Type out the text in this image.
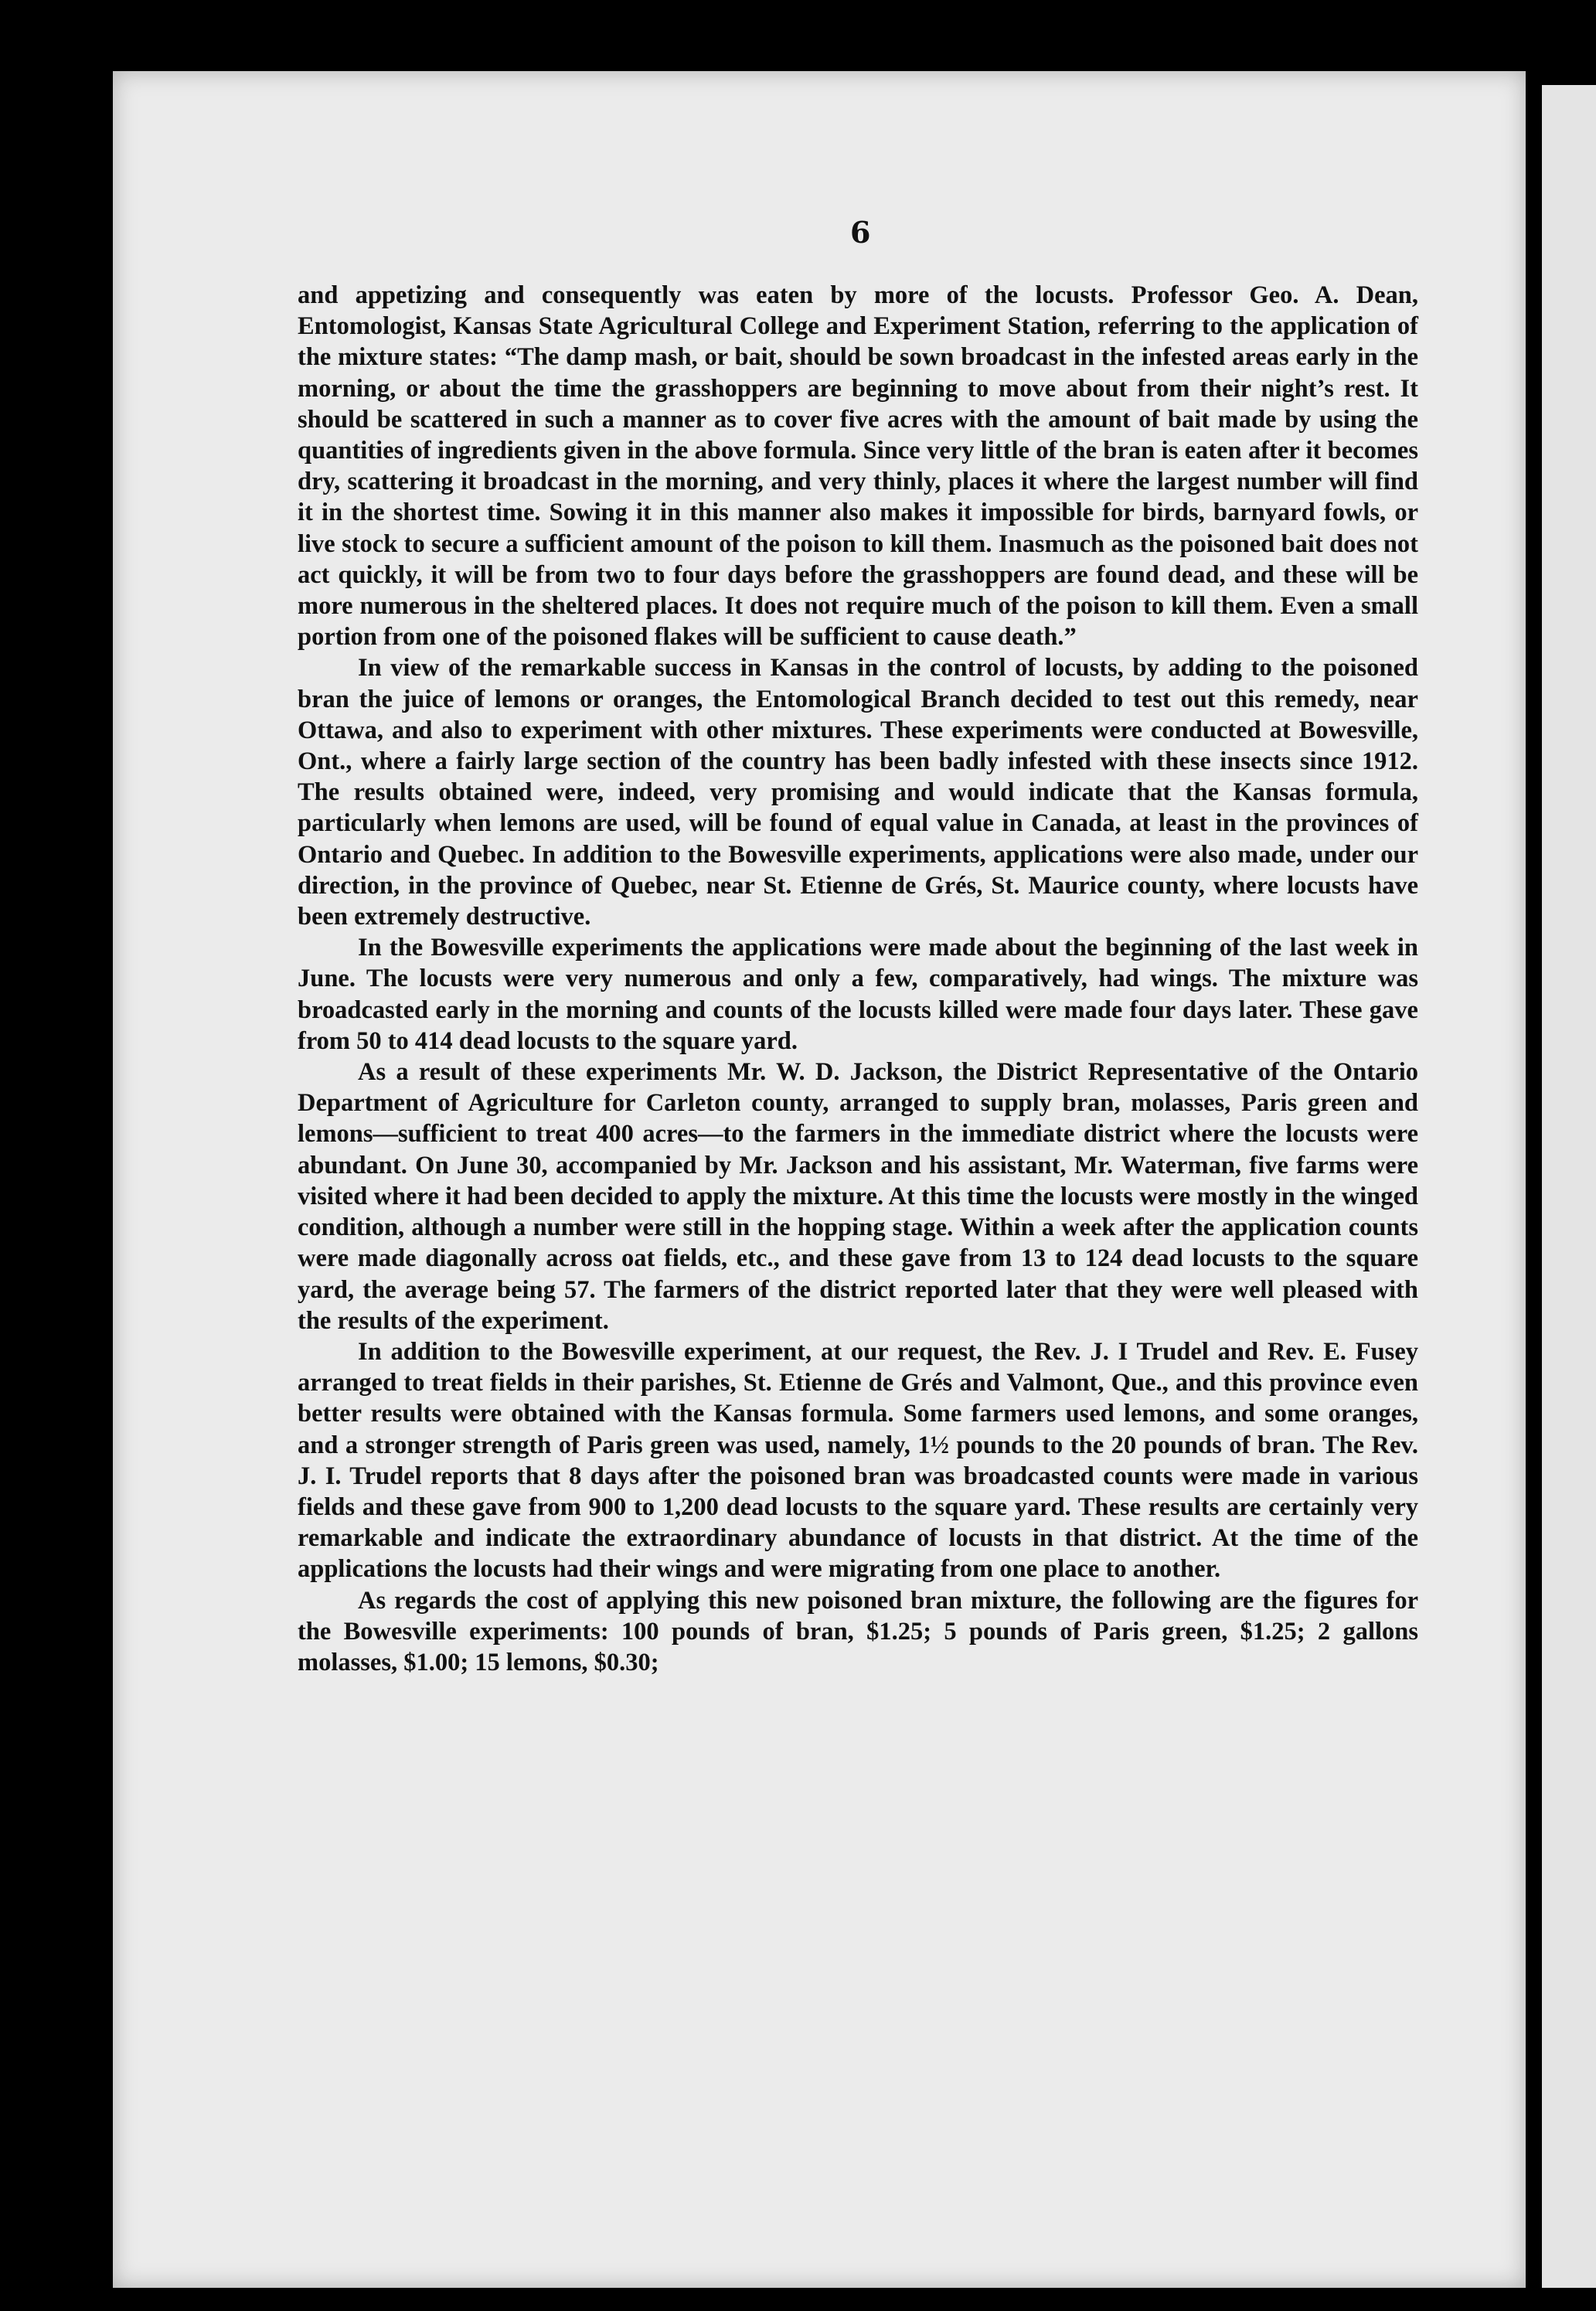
6

and appetizing and consequently was eaten by more of the locusts. Professor Geo. A. Dean, Entomologist, Kansas State Agricultural College and Experiment Station, referring to the application of the mixture states: “The damp mash, or bait, should be sown broadcast in the infested areas early in the morning, or about the time the grasshoppers are beginning to move about from their night’s rest. It should be scattered in such a manner as to cover five acres with the amount of bait made by using the quantities of ingredients given in the above formula. Since very little of the bran is eaten after it becomes dry, scattering it broadcast in the morning, and very thinly, places it where the largest number will find it in the shortest time. Sowing it in this manner also makes it impossible for birds, barnyard fowls, or live stock to secure a sufficient amount of the poison to kill them. Inasmuch as the poisoned bait does not act quickly, it will be from two to four days before the grasshoppers are found dead, and these will be more numerous in the sheltered places. It does not require much of the poison to kill them. Even a small portion from one of the poisoned flakes will be sufficient to cause death.”

In view of the remarkable success in Kansas in the control of locusts, by adding to the poisoned bran the juice of lemons or oranges, the Entomological Branch decided to test out this remedy, near Ottawa, and also to experiment with other mixtures. These experiments were conducted at Bowesville, Ont., where a fairly large section of the country has been badly infested with these insects since 1912. The results obtained were, indeed, very promising and would indicate that the Kansas formula, particularly when lemons are used, will be found of equal value in Canada, at least in the provinces of Ontario and Quebec. In addition to the Bowesville experiments, applications were also made, under our direction, in the province of Quebec, near St. Etienne de Grés, St. Maurice county, where locusts have been extremely destructive.

In the Bowesville experiments the applications were made about the beginning of the last week in June. The locusts were very numerous and only a few, comparatively, had wings. The mixture was broadcasted early in the morning and counts of the locusts killed were made four days later. These gave from 50 to 414 dead locusts to the square yard.

As a result of these experiments Mr. W. D. Jackson, the District Representative of the Ontario Department of Agriculture for Carleton county, arranged to supply bran, molasses, Paris green and lemons—sufficient to treat 400 acres—to the farmers in the immediate district where the locusts were abundant. On June 30, accompanied by Mr. Jackson and his assistant, Mr. Waterman, five farms were visited where it had been decided to apply the mixture. At this time the locusts were mostly in the winged condition, although a number were still in the hopping stage. Within a week after the application counts were made diagonally across oat fields, etc., and these gave from 13 to 124 dead locusts to the square yard, the average being 57. The farmers of the district reported later that they were well pleased with the results of the experiment.

In addition to the Bowesville experiment, at our request, the Rev. J. I Trudel and Rev. E. Fusey arranged to treat fields in their parishes, St. Etienne de Grés and Valmont, Que., and this province even better results were obtained with the Kansas formula. Some farmers used lemons, and some oranges, and a stronger strength of Paris green was used, namely, 1½ pounds to the 20 pounds of bran. The Rev. J. I. Trudel reports that 8 days after the poisoned bran was broadcasted counts were made in various fields and these gave from 900 to 1,200 dead locusts to the square yard. These results are certainly very remarkable and indicate the extraordinary abundance of locusts in that district. At the time of the applications the locusts had their wings and were migrating from one place to another.

As regards the cost of applying this new poisoned bran mixture, the following are the figures for the Bowesville experiments: 100 pounds of bran, $1.25; 5 pounds of Paris green, $1.25; 2 gallons molasses, $1.00; 15 lemons, $0.30;
